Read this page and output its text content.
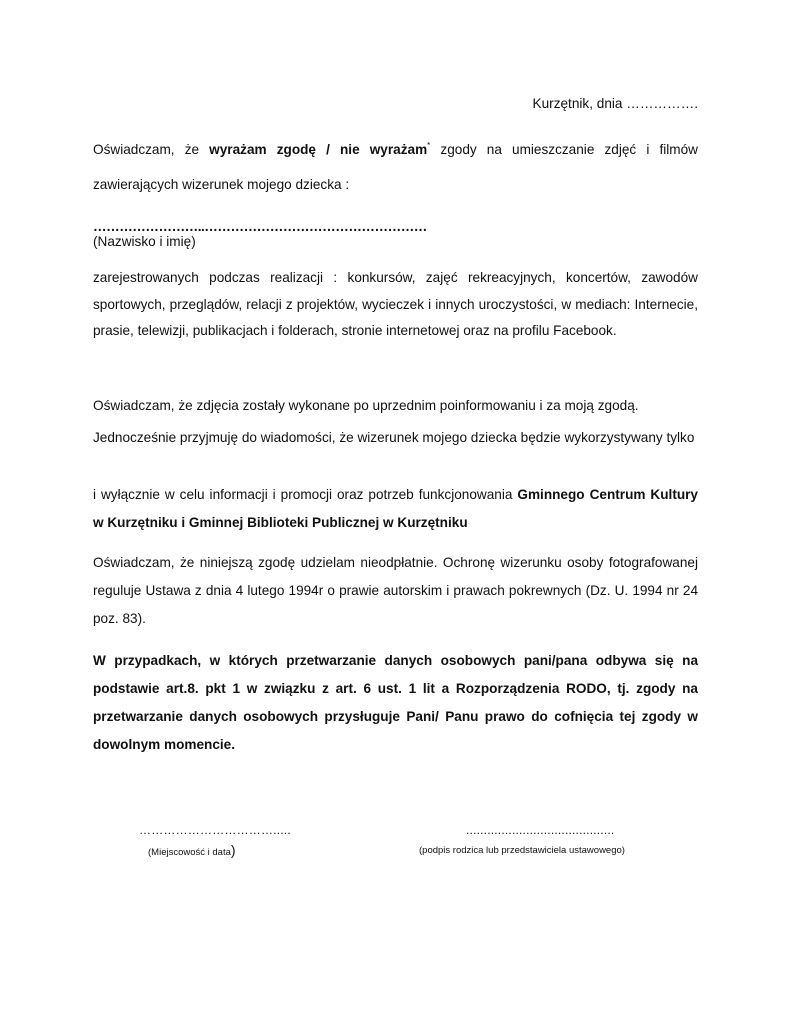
Kurzętnik, dnia …………….
Oświadczam, że wyrażam zgodę / nie wyrażam* zgody na umieszczanie zdjęć i filmów zawierających wizerunek mojego dziecka :
……………………..……………………………………………
(Nazwisko i imię)
zarejestrowanych podczas realizacji : konkursów, zajęć rekreacyjnych, koncertów, zawodów sportowych, przeglądów, relacji z projektów, wycieczek i innych uroczystości, w mediach: Internecie, prasie, telewizji, publikacjach i folderach, stronie internetowej oraz na profilu Facebook.
Oświadczam, że zdjęcia zostały wykonane po uprzednim poinformowaniu i za moją zgodą.
Jednocześnie przyjmuję do wiadomości, że wizerunek mojego dziecka będzie wykorzystywany tylko
i wyłącznie w celu informacji i promocji oraz potrzeb funkcjonowania Gminnego Centrum Kultury w Kurzętniku i Gminnej Biblioteki Publicznej w Kurzętniku
Oświadczam, że niniejszą zgodę udzielam nieodpłatnie. Ochronę wizerunku osoby fotografowanej reguluje Ustawa z dnia 4 lutego 1994r o prawie autorskim i prawach pokrewnych (Dz. U. 1994 nr 24 poz. 83).
W przypadkach, w których przetwarzanie danych osobowych pani/pana odbywa się na podstawie art.8. pkt 1 w związku z art. 6 ust. 1 lit a Rozporządzenia RODO, tj. zgody na przetwarzanie danych osobowych przysługuje Pani/ Panu prawo do cofnięcia tej zgody w dowolnym momencie.
…………………………….....
(Miejscowość i data)
..........................................
(podpis rodzica lub przedstawiciela ustawowego)
